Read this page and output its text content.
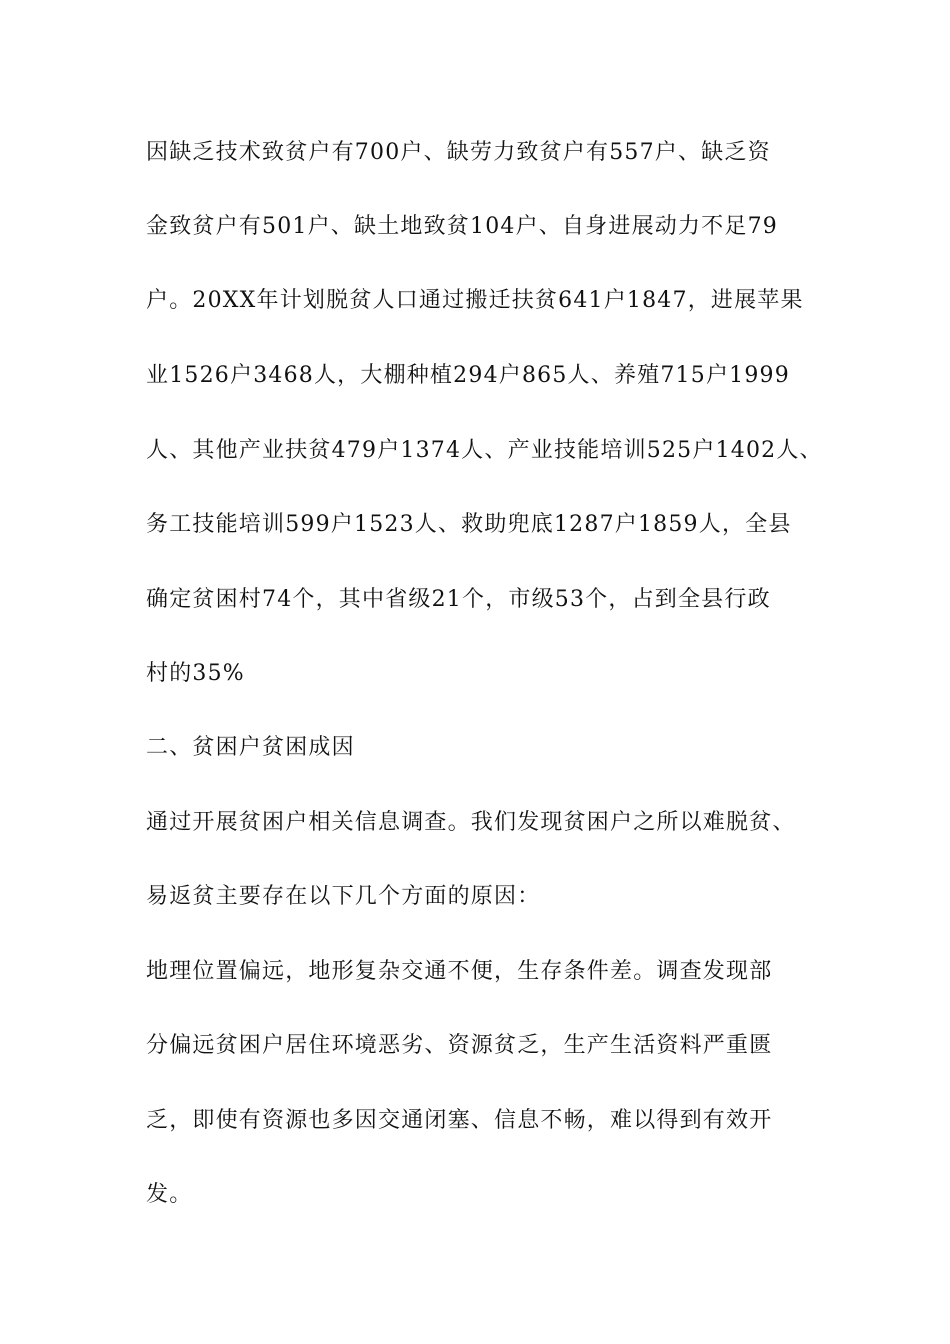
因缺乏技术致贫户有700户、缺劳力致贫户有557户、缺乏资
金致贫户有501户、缺土地致贫104户、自身进展动力不足79
户。20XX年计划脱贫人口通过搬迁扶贫641户1847，进展苹果
业1526户3468人，大棚种植294户865人、养殖715户1999
人、其他产业扶贫479户1374人、产业技能培训525户1402人、
务工技能培训599户1523人、救助兜底1287户1859人，全县
确定贫困村74个，其中省级21个，市级53个，占到全县行政
村的35%
二、贫困户贫困成因
通过开展贫困户相关信息调查。我们发现贫困户之所以难脱贫、
易返贫主要存在以下几个方面的原因：
地理位置偏远，地形复杂交通不便，生存条件差。调查发现部
分偏远贫困户居住环境恶劣、资源贫乏，生产生活资料严重匮
乏，即使有资源也多因交通闭塞、信息不畅，难以得到有效开
发。
